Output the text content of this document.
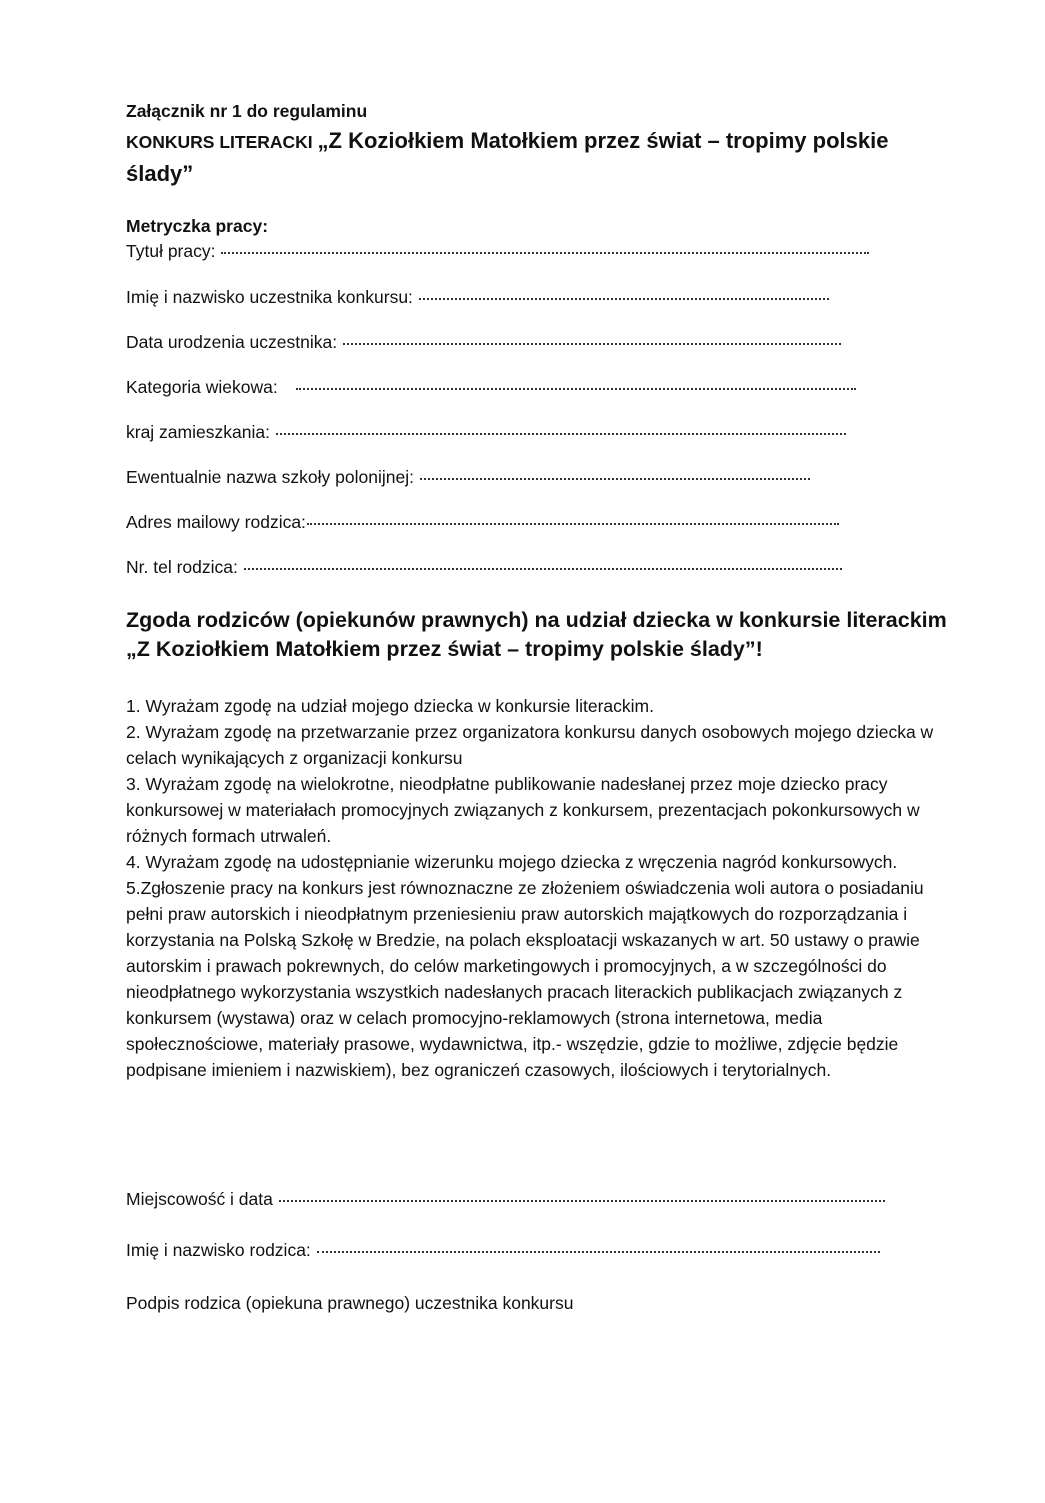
Załącznik nr 1 do regulaminu
KONKURS LITERACKI „Z Koziołkiem Matołkiem przez świat – tropimy polskie ślady”
Metryczka pracy:
Tytuł pracy:
Imię i nazwisko uczestnika konkursu:
Data urodzenia uczestnika:
Kategoria wiekowa:
kraj zamieszkania:
Ewentualnie nazwa szkoły polonijnej:
Adres mailowy rodzica:
Nr. tel rodzica:
Zgoda rodziców (opiekunów prawnych) na udział dziecka w konkursie literackim „Z Koziołkiem Matołkiem przez świat – tropimy polskie ślady”!

1. Wyrażam zgodę na udział mojego dziecka w konkursie literackim.

2. Wyrażam zgodę na przetwarzanie przez organizatora konkursu danych osobowych mojego dziecka w celach wynikających z organizacji konkursu

3. Wyrażam zgodę na wielokrotne, nieodpłatne publikowanie nadesłanej przez moje dziecko pracy konkursowej w materiałach promocyjnych związanych z konkursem, prezentacjach pokonkursowych w różnych formach utrwaleń.

4. Wyrażam zgodę na udostępnianie wizerunku mojego dziecka z wręczenia nagród konkursowych.

5.Zgłoszenie pracy na konkurs jest równoznaczne ze złożeniem oświadczenia woli autora o posiadaniu pełni praw autorskich i nieodpłatnym przeniesieniu praw autorskich majątkowych do rozporządzania i korzystania na Polską Szkołę w Bredzie, na polach eksploatacji wskazanych w art. 50 ustawy o prawie autorskim i prawach pokrewnych, do celów marketingowych i promocyjnych, a w szczególności do nieodpłatnego wykorzystania wszystkich nadesłanych pracach literackich publikacjach związanych z konkursem (wystawa) oraz w celach promocyjno-reklamowych (strona internetowa, media społecznościowe, materiały prasowe, wydawnictwa, itp.- wszędzie, gdzie to możliwe, zdjęcie będzie podpisane imieniem i nazwiskiem), bez ograniczeń czasowych, ilościowych i terytorialnych.

Miejscowość i data
Imię i nazwisko rodzica:
Podpis rodzica (opiekuna prawnego) uczestnika konkursu
